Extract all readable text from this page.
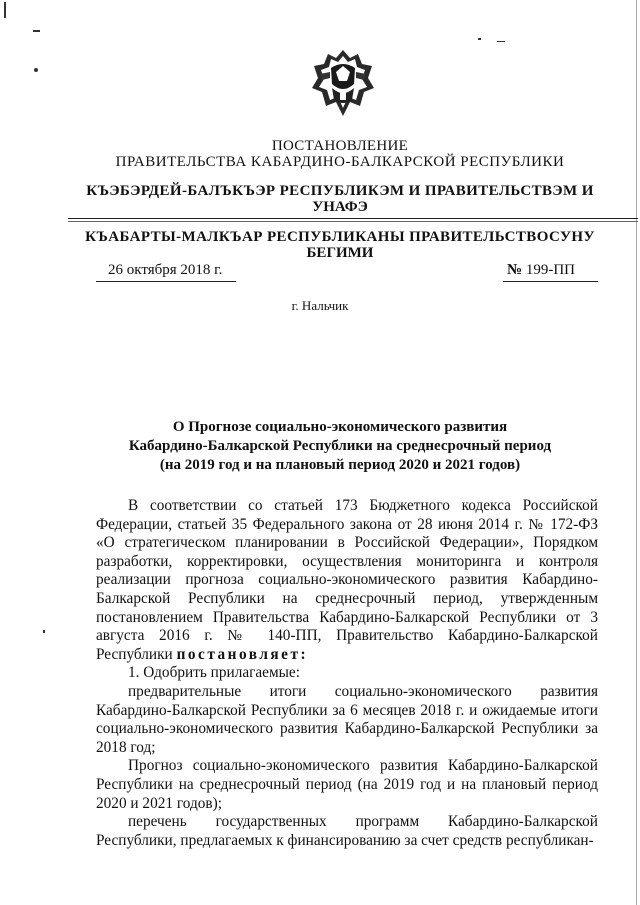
ПОСТАНОВЛЕНИЕ
ПРАВИТЕЛЬСТВА КАБАРДИНО-БАЛКАРСКОЙ РЕСПУБЛИКИ
КЪЭБЭРДЕЙ-БАЛЪКЪЭР РЕСПУБЛИКЭМ И ПРАВИТЕЛЬСТВЭМ И
УНАФЭ
КЪАБАРТЫ-МАЛКЪАР РЕСПУБЛИКАНЫ ПРАВИТЕЛЬСТВОСУНУ
БЕГИМИ
26 октября 2018 г.	№ 199-ПП
г. Нальчик
О Прогнозе социально-экономического развития
Кабардино-Балкарской Республики на среднесрочный период
(на 2019 год и на плановый период 2020 и 2021 годов)

В соответствии со статьей 173 Бюджетного кодекса Российской Федерации, статьей 35 Федерального закона от 28 июня 2014 г. № 172-ФЗ «О стратегическом планировании в Российской Федерации», Порядком разработки, корректировки, осуществления мониторинга и контроля реализации прогноза социально-экономического развития Кабардино-Балкарской Республики на среднесрочный период, утвержденным постановлением Правительства Кабардино-Балкарской Республики от 3 августа 2016 г. № 140-ПП, Правительство Кабардино-Балкарской Республики постановляет:

1. Одобрить прилагаемые:

предварительные итоги социально-экономического развития Кабардино-Балкарской Республики за 6 месяцев 2018 г. и ожидаемые итоги социально-экономического развития Кабардино-Балкарской Республики за 2018 год;

Прогноз социально-экономического развития Кабардино-Балкарской Республики на среднесрочный период (на 2019 год и на плановый период 2020 и 2021 годов);

перечень государственных программ Кабардино-Балкарской Республики, предлагаемых к финансированию за счет средств республикан-
